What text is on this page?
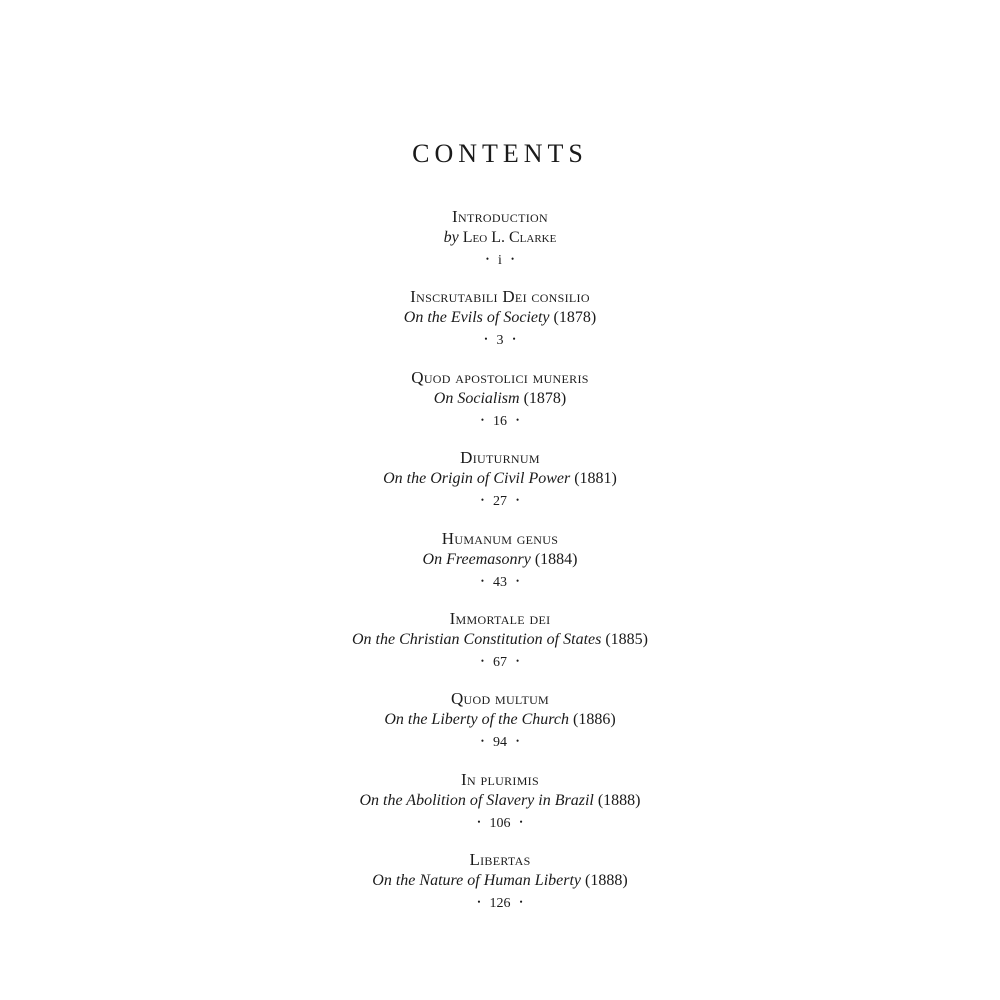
CONTENTS
Introduction
by Leo L. Clarke
• i •
Inscrutabili Dei consilio
On the Evils of Society (1878)
• 3 •
Quod apostolici muneris
On Socialism (1878)
• 16 •
Diuturnum
On the Origin of Civil Power (1881)
• 27 •
Humanum genus
On Freemasonry (1884)
• 43 •
Immortale dei
On the Christian Constitution of States (1885)
• 67 •
Quod multum
On the Liberty of the Church (1886)
• 94 •
In plurimis
On the Abolition of Slavery in Brazil (1888)
• 106 •
Libertas
On the Nature of Human Liberty (1888)
• 126 •
